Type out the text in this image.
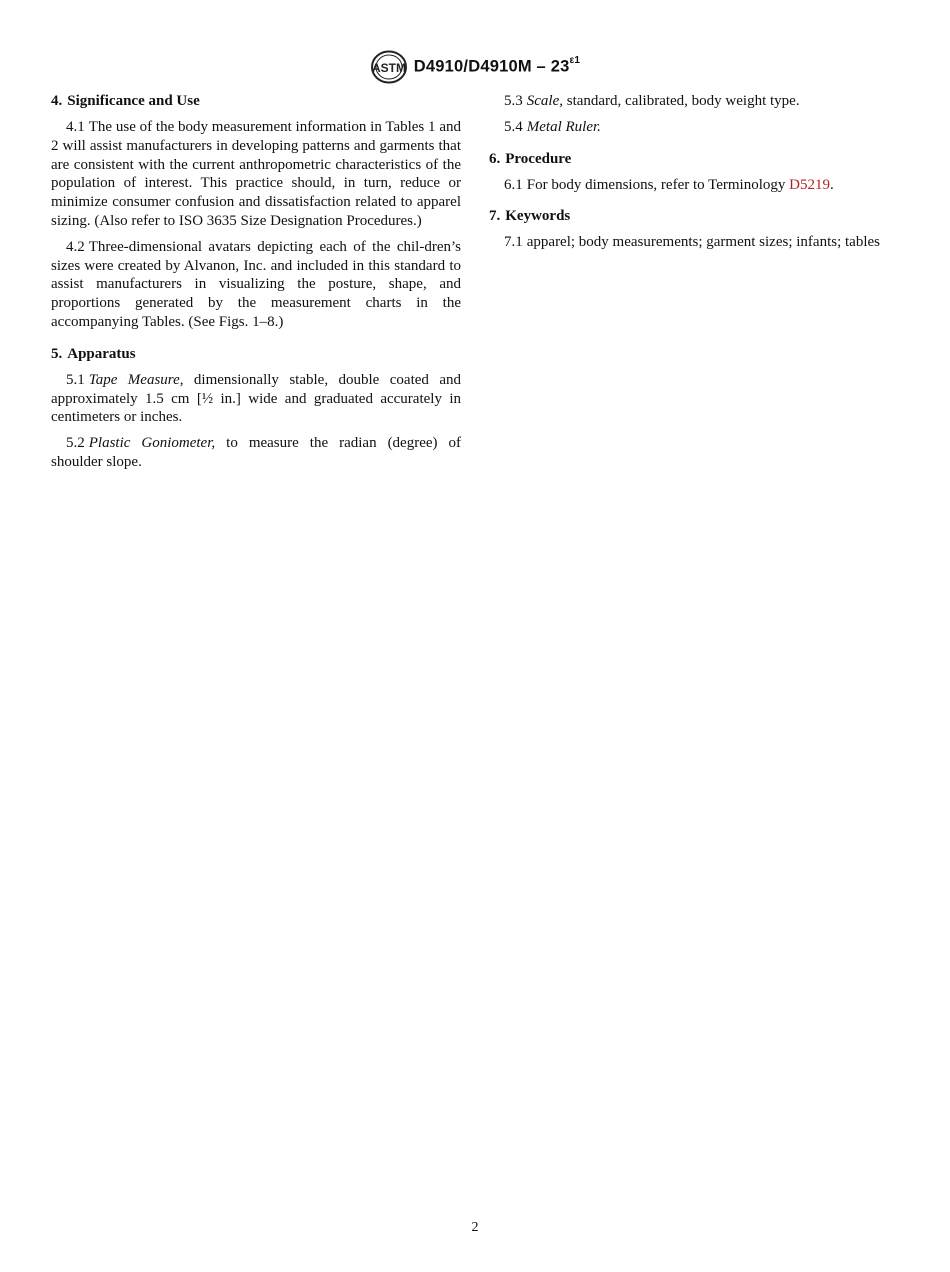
ASTM $D4910/D4910M - 23^{\varepsilon 1}$
4. Significance and Use

4.1 The use of the body measurement information in Tables 1 and 2 will assist manufacturers in developing patterns and garments that are consistent with the current anthropometric characteristics of the population of interest. This practice should, in turn, reduce or minimize consumer confusion and dissatisfaction related to apparel sizing. (Also refer to ISO 3635 Size Designation Procedures.)

4.2 Three-dimensional avatars depicting each of the chil-dren’s sizes were created by Alvanon, Inc. and included in this standard to assist manufacturers in visualizing the posture, shape, and proportions generated by the measurement charts in the accompanying Tables. (See Figs. 1–8.)

5. Apparatus

5.1 Tape Measure, dimensionally stable, double coated and approximately 1.5 cm [½ in.] wide and graduated accurately in centimeters or inches.

5.2 Plastic Goniometer, to measure the radian (degree) of shoulder slope.

5.3 Scale, standard, calibrated, body weight type.

5.4 Metal Ruler.

6. Procedure

6.1 For body dimensions, refer to Terminology D5219.

7. Keywords

7.1 apparel; body measurements; garment sizes; infants; tables

2
